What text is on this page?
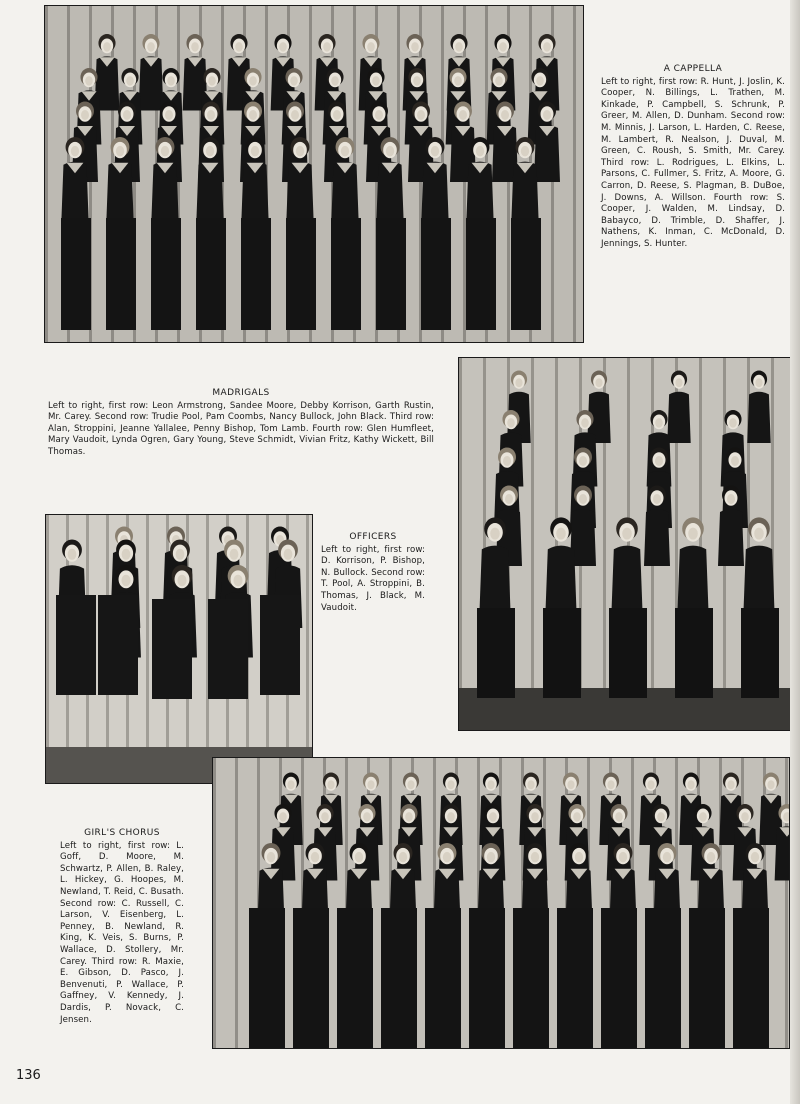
A CAPPELLA
Left to right, first row: R. Hunt, J. Joslin, K. Cooper, N. Billings, L. Trathen, M. Kinkade, P. Campbell, S. Schrunk, P. Greer, M. Allen, D. Dunham. Second row: M. Minnis, J. Larson, L. Harden, C. Reese, M. Lambert, R. Nealson, J. Duval, M. Green, C. Roush, S. Smith, Mr. Carey. Third row: L. Rodrigues, L. Elkins, L. Parsons, C. Fullmer, S. Fritz, A. Moore, G. Carron, D. Reese, S. Plagman, B. DuBoe, J. Downs, A. Willson. Fourth row: S. Cooper, J. Walden, M. Lindsay, D. Babayco, D. Trimble, D. Shaffer, J. Nathens, K. Inman, C. McDonald, D. Jennings, S. Hunter.
MADRIGALS
Left to right, first row: Leon Armstrong, Sandee Moore, Debby Korrison, Garth Rustin, Mr. Carey. Second row: Trudie Pool, Pam Coombs, Nancy Bullock, John Black. Third row: Alan, Stroppini, Jeanne Yallalee, Penny Bishop, Tom Lamb. Fourth row: Glen Humfleet, Mary Vaudoit, Lynda Ogren, Gary Young, Steve Schmidt, Vivian Fritz, Kathy Wickett, Bill Thomas.
OFFICERS
Left to right, first row: D. Korrison, P. Bishop, N. Bullock. Second row: T. Pool, A. Stroppini, B. Thomas, J. Black, M. Vaudoit.
GIRL'S CHORUS
Left to right, first row: L. Goff, D. Moore, M. Schwartz, P. Allen, B. Raley, L. Hickey, G. Hoopes, M. Newland, T. Reid, C. Busath. Second row: C. Russell, C. Larson, V. Eisenberg, L. Penney, B. Newland, R. King, K. Veis, S. Burns, P. Wallace, D. Stollery, Mr. Carey. Third row: R. Maxie, E. Gibson, D. Pasco, J. Benvenuti, P. Wallace, P. Gaffney, V. Kennedy, J. Dardis, P. Novack, C. Jensen.
136
